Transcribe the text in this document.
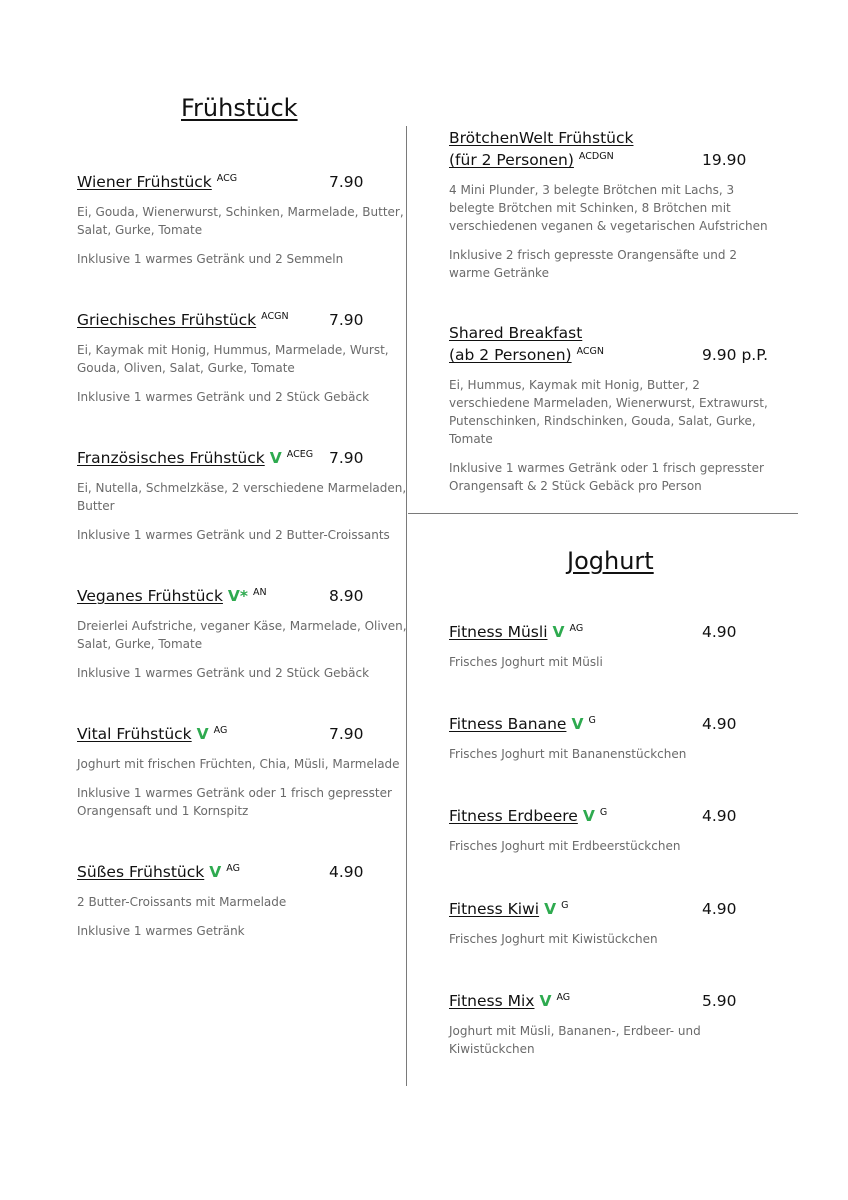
Frühstück
Wiener Frühstück $^{ACG}$	7.90

Ei, Gouda, Wienerwurst, Schinken, Marmelade, Butter, Salat, Gurke, Tomate

Inklusive 1 warmes Getränk und 2 Semmeln

Griechisches Frühstück $^{ACGN}$	7.90

Ei, Kaymak mit Honig, Hummus, Marmelade, Wurst, Gouda, Oliven, Salat, Gurke, Tomate

Inklusive 1 warmes Getränk und 2 Stück Gebäck

Französisches Frühstück V $^{ACEG}$ 7.90

Ei, Nutella, Schmelzkäse, 2 verschiedene Marmeladen, Butter

Inklusive 1 warmes Getränk und 2 Butter-Croissants

Veganes Frühstück V* $^{AN}$	8.90

Dreierlei Aufstriche, veganer Käse, Marmelade, Oliven, Salat, Gurke, Tomate

Inklusive 1 warmes Getränk und 2 Stück Gebäck

Vital Frühstück V $^{AG}$	7.90

Joghurt mit frischen Früchten, Chia, Müsli, Marmelade

Inklusive 1 warmes Getränk oder 1 frisch gepresster Orangensaft und 1 Kornspitz

Süßes Frühstück V $^{AG}$	4.90

2 Butter-Croissants mit Marmelade

Inklusive 1 warmes Getränk

BrötchenWelt Frühstück
(für 2 Personen) $^{ACDGN}$	19.90

4 Mini Plunder, 3 belegte Brötchen mit Lachs, 3 belegte Brötchen mit Schinken, 8 Brötchen mit verschiedenen veganen & vegetarischen Aufstrichen

Inklusive 2 frisch gepresste Orangensäfte und 2 warme Getränke

Shared Breakfast
(ab 2 Personen) $^{ACGN}$	9.90 p.P.

Ei, Hummus, Kaymak mit Honig, Butter, 2 verschiedene Marmeladen, Wienerwurst, Extrawurst, Putenschinken, Rindschinken, Gouda, Salat, Gurke, Tomate

Inklusive 1 warmes Getränk oder 1 frisch gepresster Orangensaft & 2 Stück Gebäck pro Person

Joghurt
Fitness Müsli V $^{AG}$	4.90

Frisches Joghurt mit Müsli

Fitness Banane V $^G$	4.90

Frisches Joghurt mit Bananenstückchen

Fitness Erdbeere V $^G$	4.90

Frisches Joghurt mit Erdbeerstückchen

Fitness Kiwi V $^G$	4.90

Frisches Joghurt mit Kiwistückchen

Fitness Mix V $^{AG}$	5.90

Joghurt mit Müsli, Bananen-, Erdbeer- und Kiwistückchen
